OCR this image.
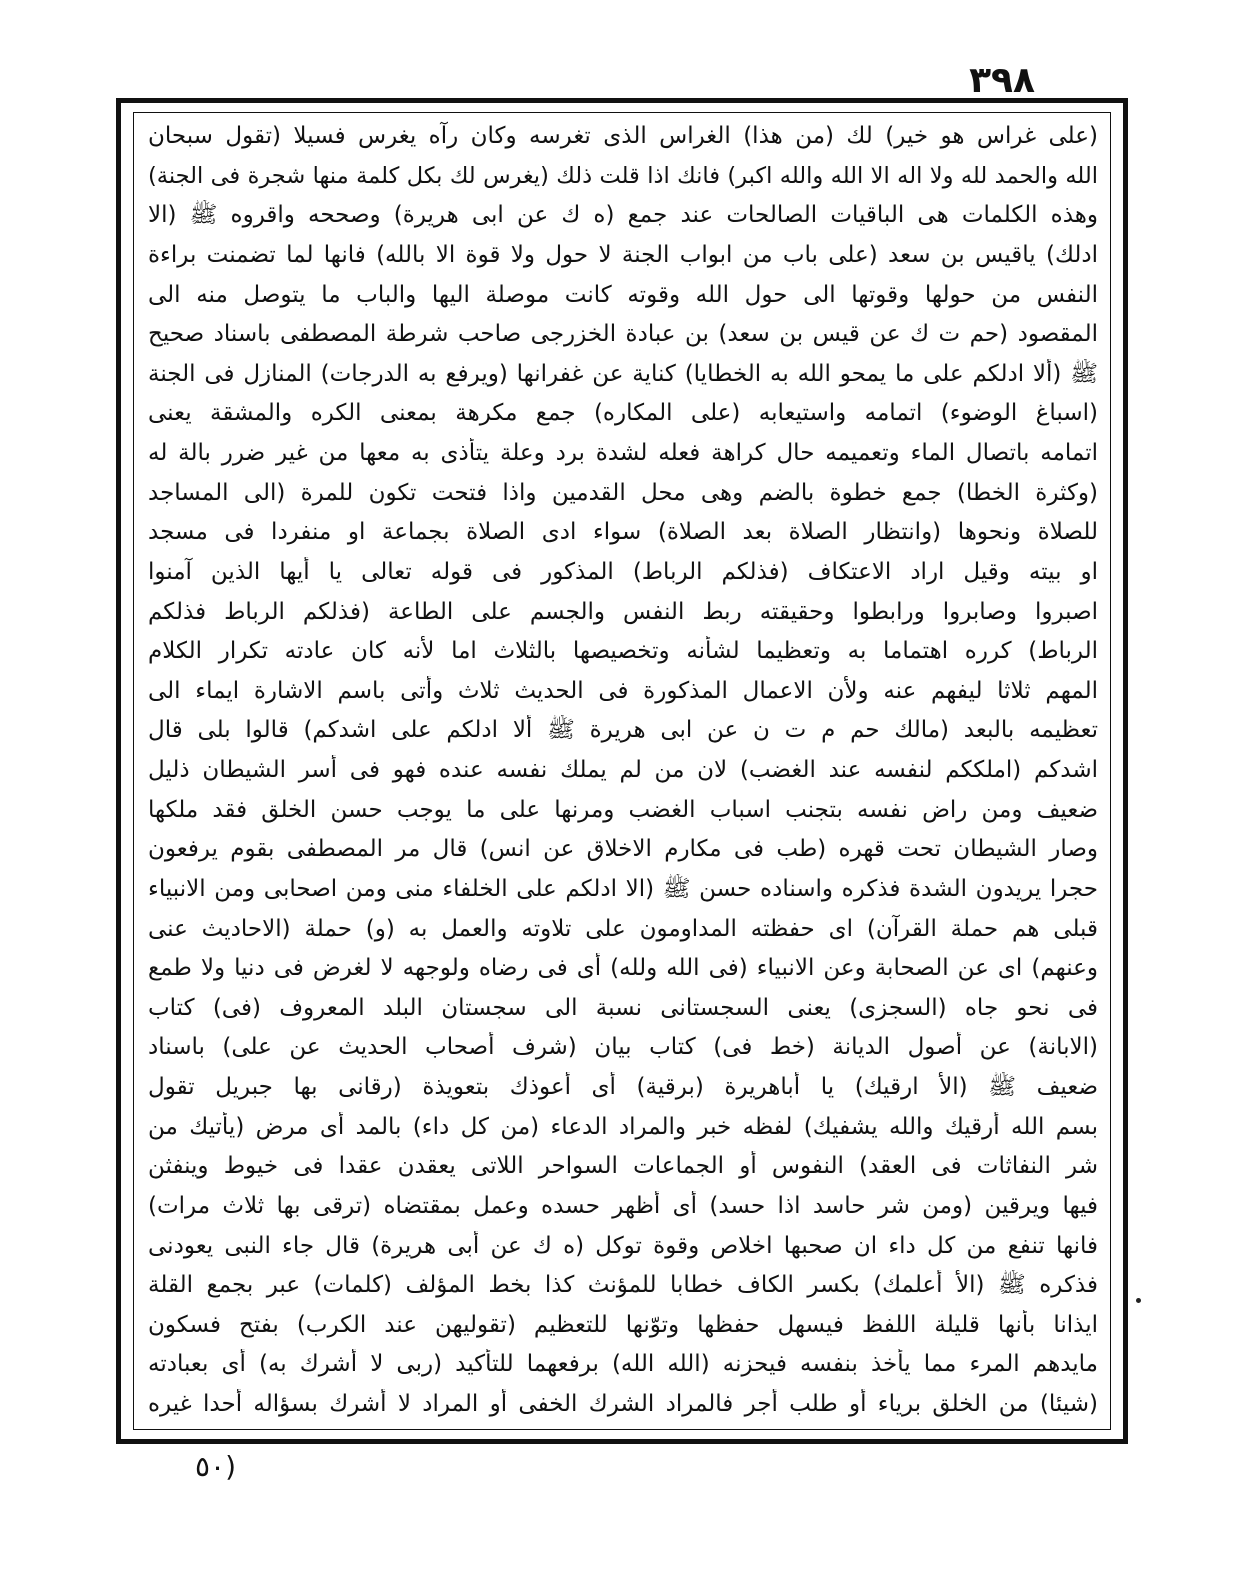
٣٩٨
(على غراس هو خير) لك (من هذا) الغراس الذى تغرسه وكان رآه يغرس فسيلا (تقول سبحان
الله والحمد لله ولا اله الا الله والله اكبر) فانك اذا قلت ذلك (يغرس لك بكل كلمة منها شجرة فى الجنة)
وهذه الكلمات هى الباقيات الصالحات عند جمع (ه ك عن ابى هريرة) وصححه واقروه ﷺ (الا
ادلك) ياقيس بن سعد (على باب من ابواب الجنة لا حول ولا قوة الا بالله) فانها لما تضمنت براءة
النفس من حولها وقوتها الى حول الله وقوته كانت موصلة اليها والباب ما يتوصل منه الى
المقصود (حم ت ك عن قيس بن سعد) بن عبادة الخزرجى صاحب شرطة المصطفى باسناد صحيح
ﷺ (ألا ادلكم على ما يمحو الله به الخطايا) كناية عن غفرانها (ويرفع به الدرجات) المنازل فى الجنة
(اسباغ الوضوء) اتمامه واستيعابه (على المكاره) جمع مكرهة بمعنى الكره والمشقة يعنى
اتمامه باتصال الماء وتعميمه حال كراهة فعله لشدة برد وعلة يتأذى به معها من غير ضرر بالة له
(وكثرة الخطا) جمع خطوة بالضم وهى محل القدمين واذا فتحت تكون للمرة (الى المساجد
للصلاة ونحوها (وانتظار الصلاة بعد الصلاة) سواء ادى الصلاة بجماعة او منفردا فى مسجد
او بيته وقيل اراد الاعتكاف (فذلكم الرباط) المذكور فى قوله تعالى يا أيها الذين آمنوا
اصبروا وصابروا ورابطوا وحقيقته ربط النفس والجسم على الطاعة (فذلكم الرباط فذلكم
الرباط) كرره اهتماما به وتعظيما لشأنه وتخصيصها بالثلاث اما لأنه كان عادته تكرار الكلام
المهم ثلاثا ليفهم عنه ولأن الاعمال المذكورة فى الحديث ثلاث وأتى باسم الاشارة ايماء الى
تعظيمه بالبعد (مالك حم م ت ن عن ابى هريرة ﷺ ألا ادلكم على اشدكم) قالوا بلى قال
اشدكم (املككم لنفسه عند الغضب) لان من لم يملك نفسه عنده فهو فى أسر الشيطان ذليل
ضعيف ومن راض نفسه بتجنب اسباب الغضب ومرنها على ما يوجب حسن الخلق فقد ملكها
وصار الشيطان تحت قهره (طب فى مكارم الاخلاق عن انس) قال مر المصطفى بقوم يرفعون
حجرا يريدون الشدة فذكره واسناده حسن ﷺ (الا ادلكم على الخلفاء منى ومن اصحابى ومن الانبياء
قبلى هم حملة القرآن) اى حفظته المداومون على تلاوته والعمل به (و) حملة (الاحاديث عنى
وعنهم) اى عن الصحابة وعن الانبياء (فى الله ولله) أى فى رضاه ولوجهه لا لغرض فى دنيا ولا طمع
فى نحو جاه (السجزى) يعنى السجستانى نسبة الى سجستان البلد المعروف (فى) كتاب
(الابانة) عن أصول الديانة (خط فى) كتاب بيان (شرف أصحاب الحديث عن على) باسناد
ضعيف ﷺ (الأ ارقيك) يا أباهريرة (برقية) أى أعوذك بتعويذة (رقانى بها جبريل تقول
بسم الله أرقيك والله يشفيك) لفظه خبر والمراد الدعاء (من كل داء) بالمد أى مرض (يأتيك من
شر النفاثات فى العقد) النفوس أو الجماعات السواحر اللاتى يعقدن عقدا فى خيوط وينفثن
فيها ويرقين (ومن شر حاسد اذا حسد) أى أظهر حسده وعمل بمقتضاه (ترقى بها ثلاث مرات)
فانها تنفع من كل داء ان صحبها اخلاص وقوة توكل (ه ك عن أبى هريرة) قال جاء النبى يعودنى
فذكره ﷺ (الأ أعلمك) بكسر الكاف خطابا للمؤنث كذا بخط المؤلف (كلمات) عبر بجمع القلة
ايذانا بأنها قليلة اللفظ فيسهل حفظها وتوّنها للتعظيم (تقوليهن عند الكرب) بفتح فسكون
مايدهم المرء مما يأخذ بنفسه فيحزنه (الله الله) برفعهما للتأكيد (ربى لا أشرك به) أى بعبادته
(شيئا) من الخلق برياء أو طلب أجر فالمراد الشرك الخفى أو المراد لا أشرك بسؤاله أحدا غيره
(٥٠
